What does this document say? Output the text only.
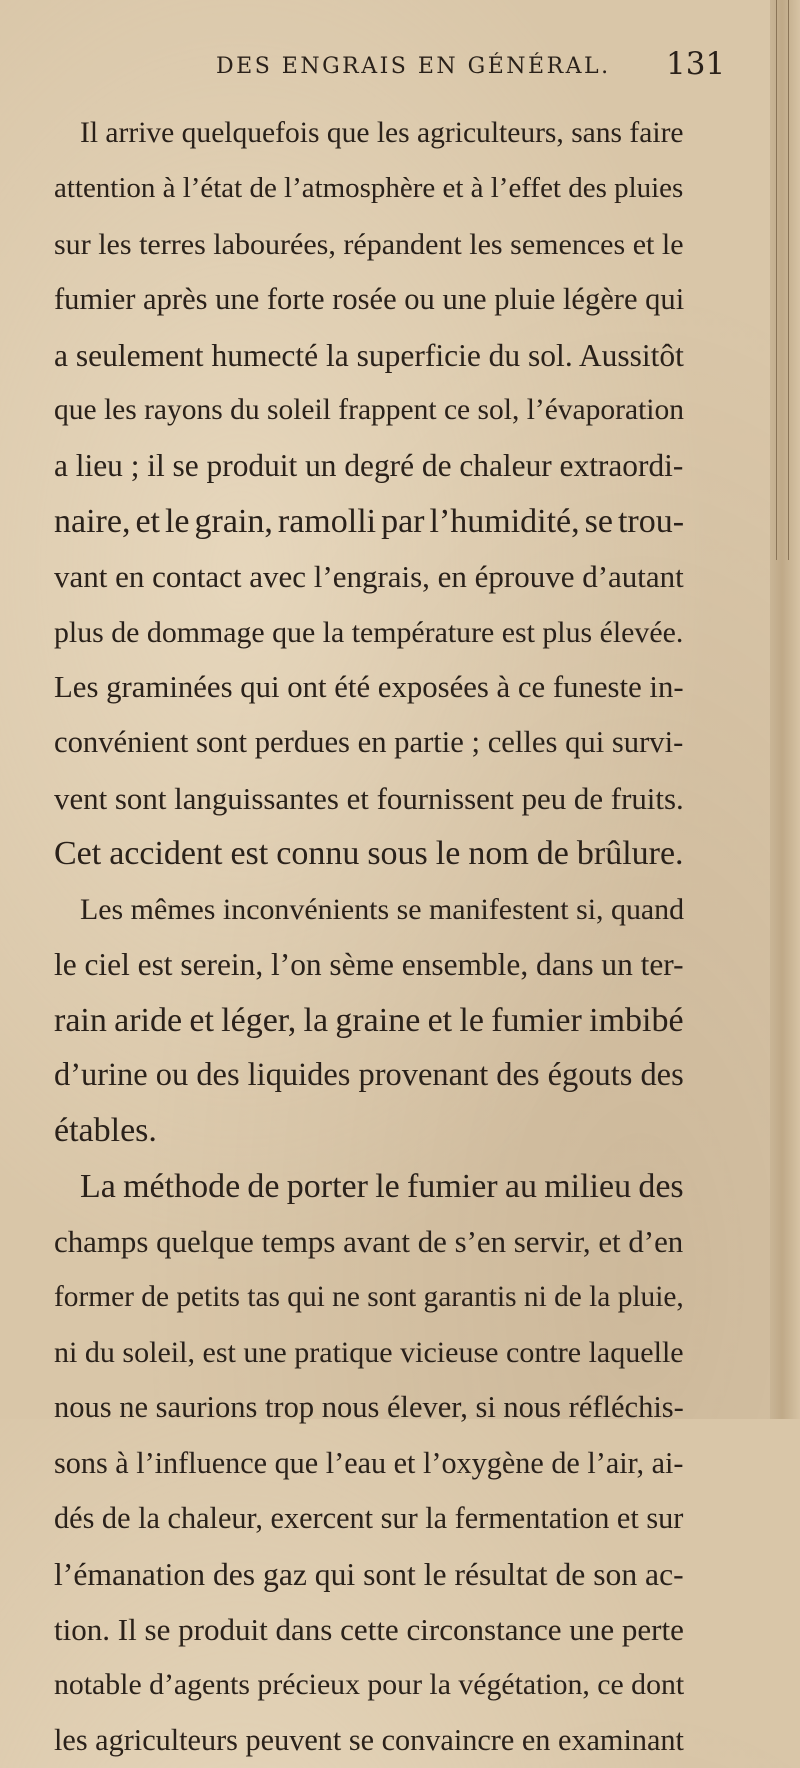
DES ENGRAIS EN GÉNÉRAL. 131
Il arrive quelquefois que les agriculteurs, sans faire
attention à l’état de l’atmosphère et à l’effet des pluies
sur les terres labourées, répandent les semences et le
fumier après une forte rosée ou une pluie légère qui
a seulement humecté la superficie du sol. Aussitôt
que les rayons du soleil frappent ce sol, l’évaporation
a lieu ; il se produit un degré de chaleur extraordi-
naire, et le grain, ramolli par l’humidité, se trou-
vant en contact avec l’engrais, en éprouve d’autant
plus de dommage que la température est plus élevée.
Les graminées qui ont été exposées à ce funeste in-
convénient sont perdues en partie ; celles qui survi-
vent sont languissantes et fournissent peu de fruits.
Cet accident est connu sous le nom de brûlure.
Les mêmes inconvénients se manifestent si, quand
le ciel est serein, l’on sème ensemble, dans un ter-
rain aride et léger, la graine et le fumier imbibé
d’urine ou des liquides provenant des égouts des
étables.
La méthode de porter le fumier au milieu des
champs quelque temps avant de s’en servir, et d’en
former de petits tas qui ne sont garantis ni de la pluie,
ni du soleil, est une pratique vicieuse contre laquelle
nous ne saurions trop nous élever, si nous réfléchis-
sons à l’influence que l’eau et l’oxygène de l’air, ai-
dés de la chaleur, exercent sur la fermentation et sur
l’émanation des gaz qui sont le résultat de son ac-
tion. Il se produit dans cette circonstance une perte
notable d’agents précieux pour la végétation, ce dont
les agriculteurs peuvent se convaincre en examinant
